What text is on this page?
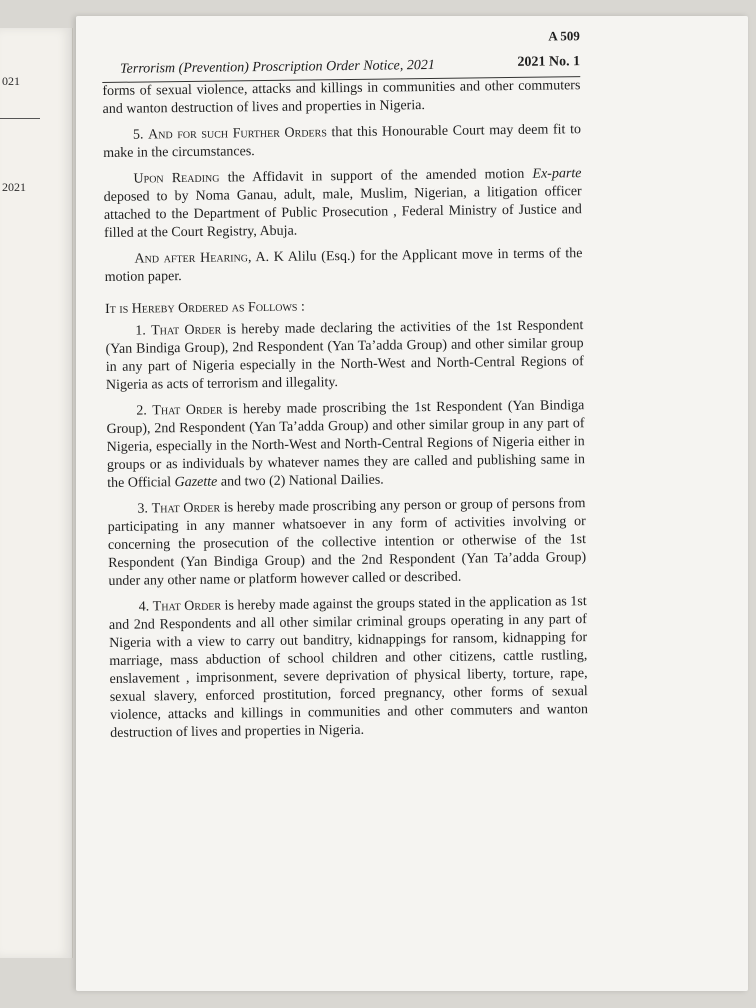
021
2021
A 509
Terrorism (Prevention) Proscription Order Notice, 2021	2021 No. 1

forms of sexual violence, attacks and killings in communities and other commuters and wanton destruction of lives and properties in Nigeria.

5. And for such Further Orders that this Honourable Court may deem fit to make in the circumstances.

Upon Reading the Affidavit in support of the amended motion Ex-parte deposed to by Noma Ganau, adult, male, Muslim, Nigerian, a litigation officer attached to the Department of Public Prosecution , Federal Ministry of Justice and filled at the Court Registry, Abuja.

And after Hearing, A. K Alilu (Esq.) for the Applicant move in terms of the motion paper.

It is Hereby Ordered as Follows :

1. That Order is hereby made declaring the activities of the 1st Respondent (Yan Bindiga Group), 2nd Respondent (Yan Ta’adda Group) and other similar group in any part of Nigeria especially in the North-West and North-Central Regions of Nigeria as acts of terrorism and illegality.

2. That Order is hereby made proscribing the 1st Respondent (Yan Bindiga Group), 2nd Respondent (Yan Ta’adda Group) and other similar group in any part of Nigeria, especially in the North-West and North-Central Regions of Nigeria either in groups or as individuals by whatever names they are called and publishing same in the Official Gazette and two (2) National Dailies.

3. That Order is hereby made proscribing any person or group of persons from participating in any manner whatsoever in any form of activities involving or concerning the prosecution of the collective intention or otherwise of the 1st Respondent (Yan Bindiga Group) and the 2nd Respondent (Yan Ta’adda Group) under any other name or platform however called or described.

4. That Order is hereby made against the groups stated in the application as 1st and 2nd Respondents and all other similar criminal groups operating in any part of Nigeria with a view to carry out banditry, kidnappings for ransom, kidnapping for marriage, mass abduction of school children and other citizens, cattle rustling, enslavement , imprisonment, severe deprivation of physical liberty, torture, rape, sexual slavery, enforced prostitution, forced pregnancy, other forms of sexual violence, attacks and killings in communities and other commuters and wanton destruction of lives and properties in Nigeria.
